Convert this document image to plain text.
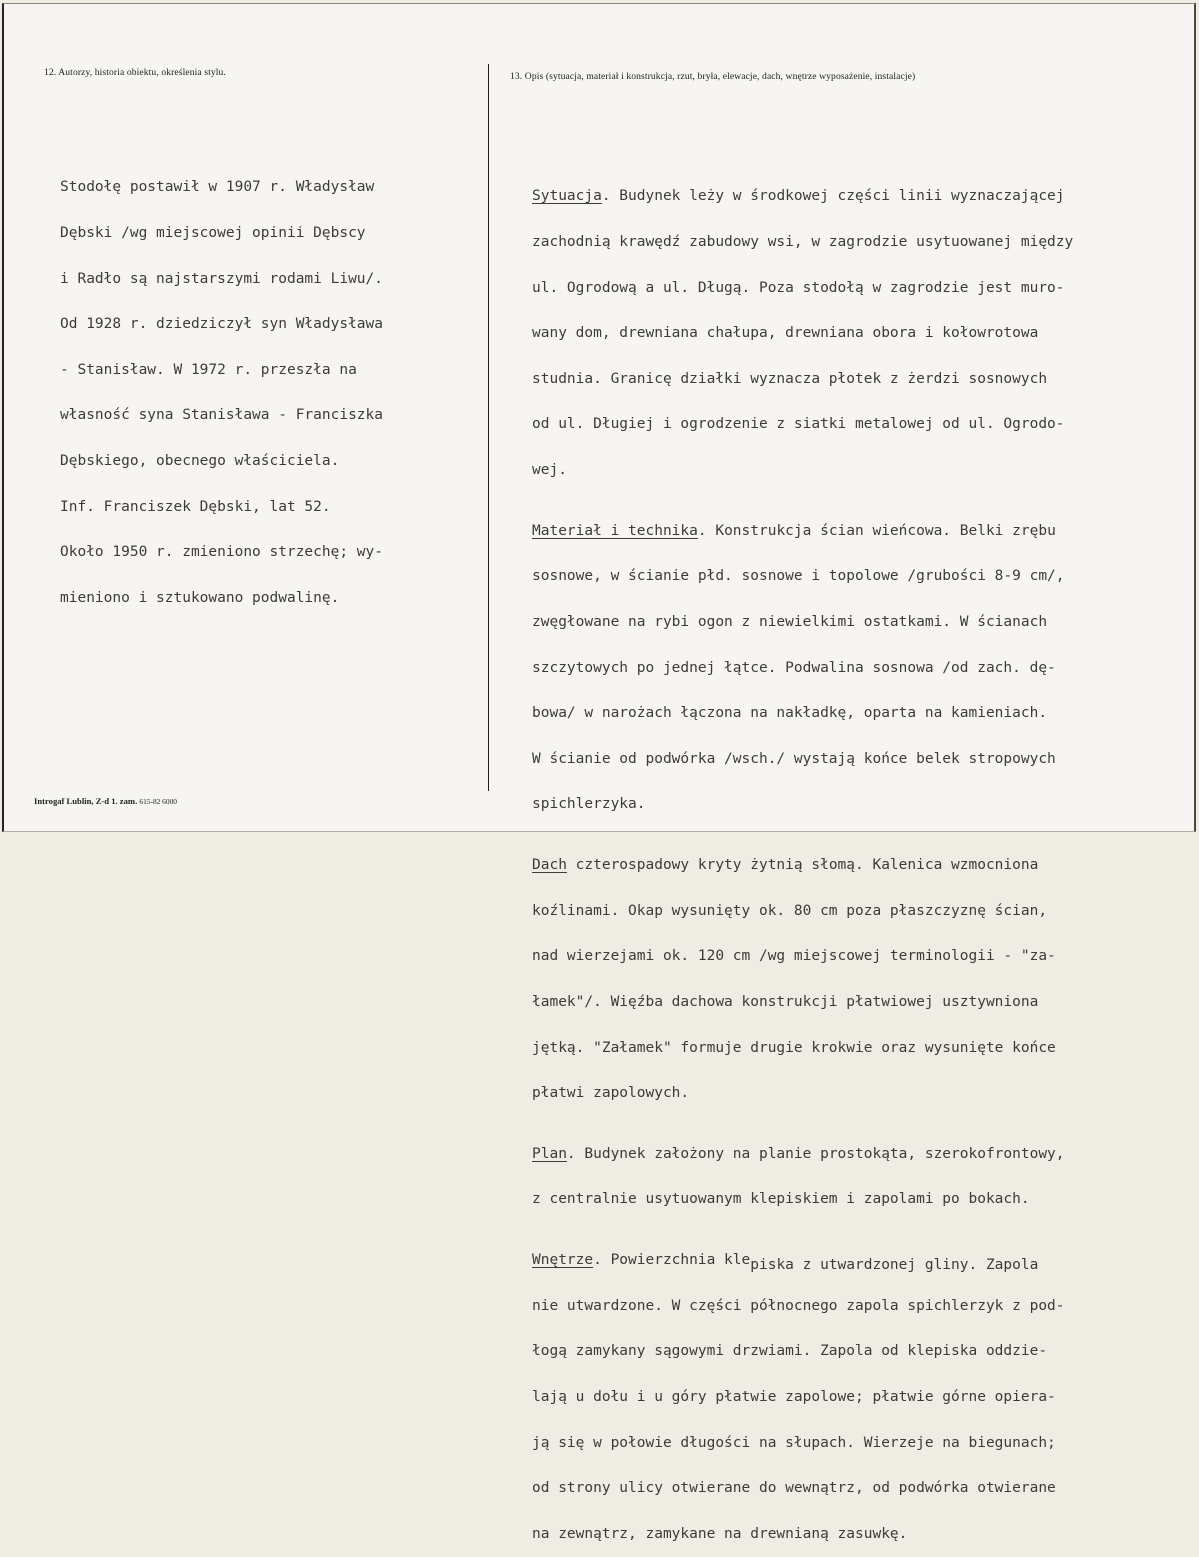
12. Autorzy, historia obiektu, określenia stylu.	13. Opis (sytuacja, materiał i konstrukcja, rzut, bryła, elewacje, dach, wnętrze wyposażenie, instalacje)

Stodołę postawił w 1907 r. Władysław

Dębski /wg miejscowej opinii Dębscy

i Radło są najstarszymi rodami Liwu/.

Od 1928 r. dziedziczył syn Władysława

- Stanisław. W 1972 r. przeszła na

własność syna Stanisława - Franciszka

Dębskiego, obecnego właściciela.

Inf. Franciszek Dębski, lat 52.

Około 1950 r. zmieniono strzechę; wy-

mieniono i sztukowano podwalinę.

Sytuacja. Budynek leży w środkowej części linii wyznaczającej

zachodnią krawędź zabudowy wsi, w zagrodzie usytuowanej między

ul. Ogrodową a ul. Długą. Poza stodołą w zagrodzie jest muro-

wany dom, drewniana chałupa, drewniana obora i kołowrotowa

studnia. Granicę działki wyznacza płotek z żerdzi sosnowych

od ul. Długiej i ogrodzenie z siatki metalowej od ul. Ogrodo-

wej.

Materiał i technika. Konstrukcja ścian wieńcowa. Belki zrębu

sosnowe, w ścianie płd. sosnowe i topolowe /grubości 8-9 cm/,

zwęgłowane na rybi ogon z niewielkimi ostatkami. W ścianach

szczytowych po jednej łątce. Podwalina sosnowa /od zach. dę-

bowa/ w narożach łączona na nakładkę, oparta na kamieniach.

W ścianie od podwórka /wsch./ wystają końce belek stropowych

spichlerzyka.

Dach czterospadowy kryty żytnią słomą. Kalenica wzmocniona

koźlinami. Okap wysunięty ok. 80 cm poza płaszczyznę ścian,

nad wierzejami ok. 120 cm /wg miejscowej terminologii - "za-

łamek"/. Więźba dachowa konstrukcji płatwiowej usztywniona

jętką. "Załamek" formuje drugie krokwie oraz wysunięte końce

płatwi zapolowych.

Plan. Budynek założony na planie prostokąta, szerokofrontowy,

z centralnie usytuowanym klepiskiem i zapolami po bokach.

Wnętrze. Powierzchnia klepiska z utwardzonej gliny. Zapola

nie utwardzone. W części północnego zapola spichlerzyk z pod-

łogą zamykany sągowymi drzwiami. Zapola od klepiska oddzie-

lają u dołu i u góry płatwie zapolowe; płatwie górne opiera-

ją się w połowie długości na słupach. Wierzeje na biegunach;

od strony ulicy otwierane do wewnątrz, od podwórka otwierane

na zewnątrz, zamykane na drewnianą zasuwkę.

Introgaf Lublin, Z-d 1. zam. 615-82 6000
